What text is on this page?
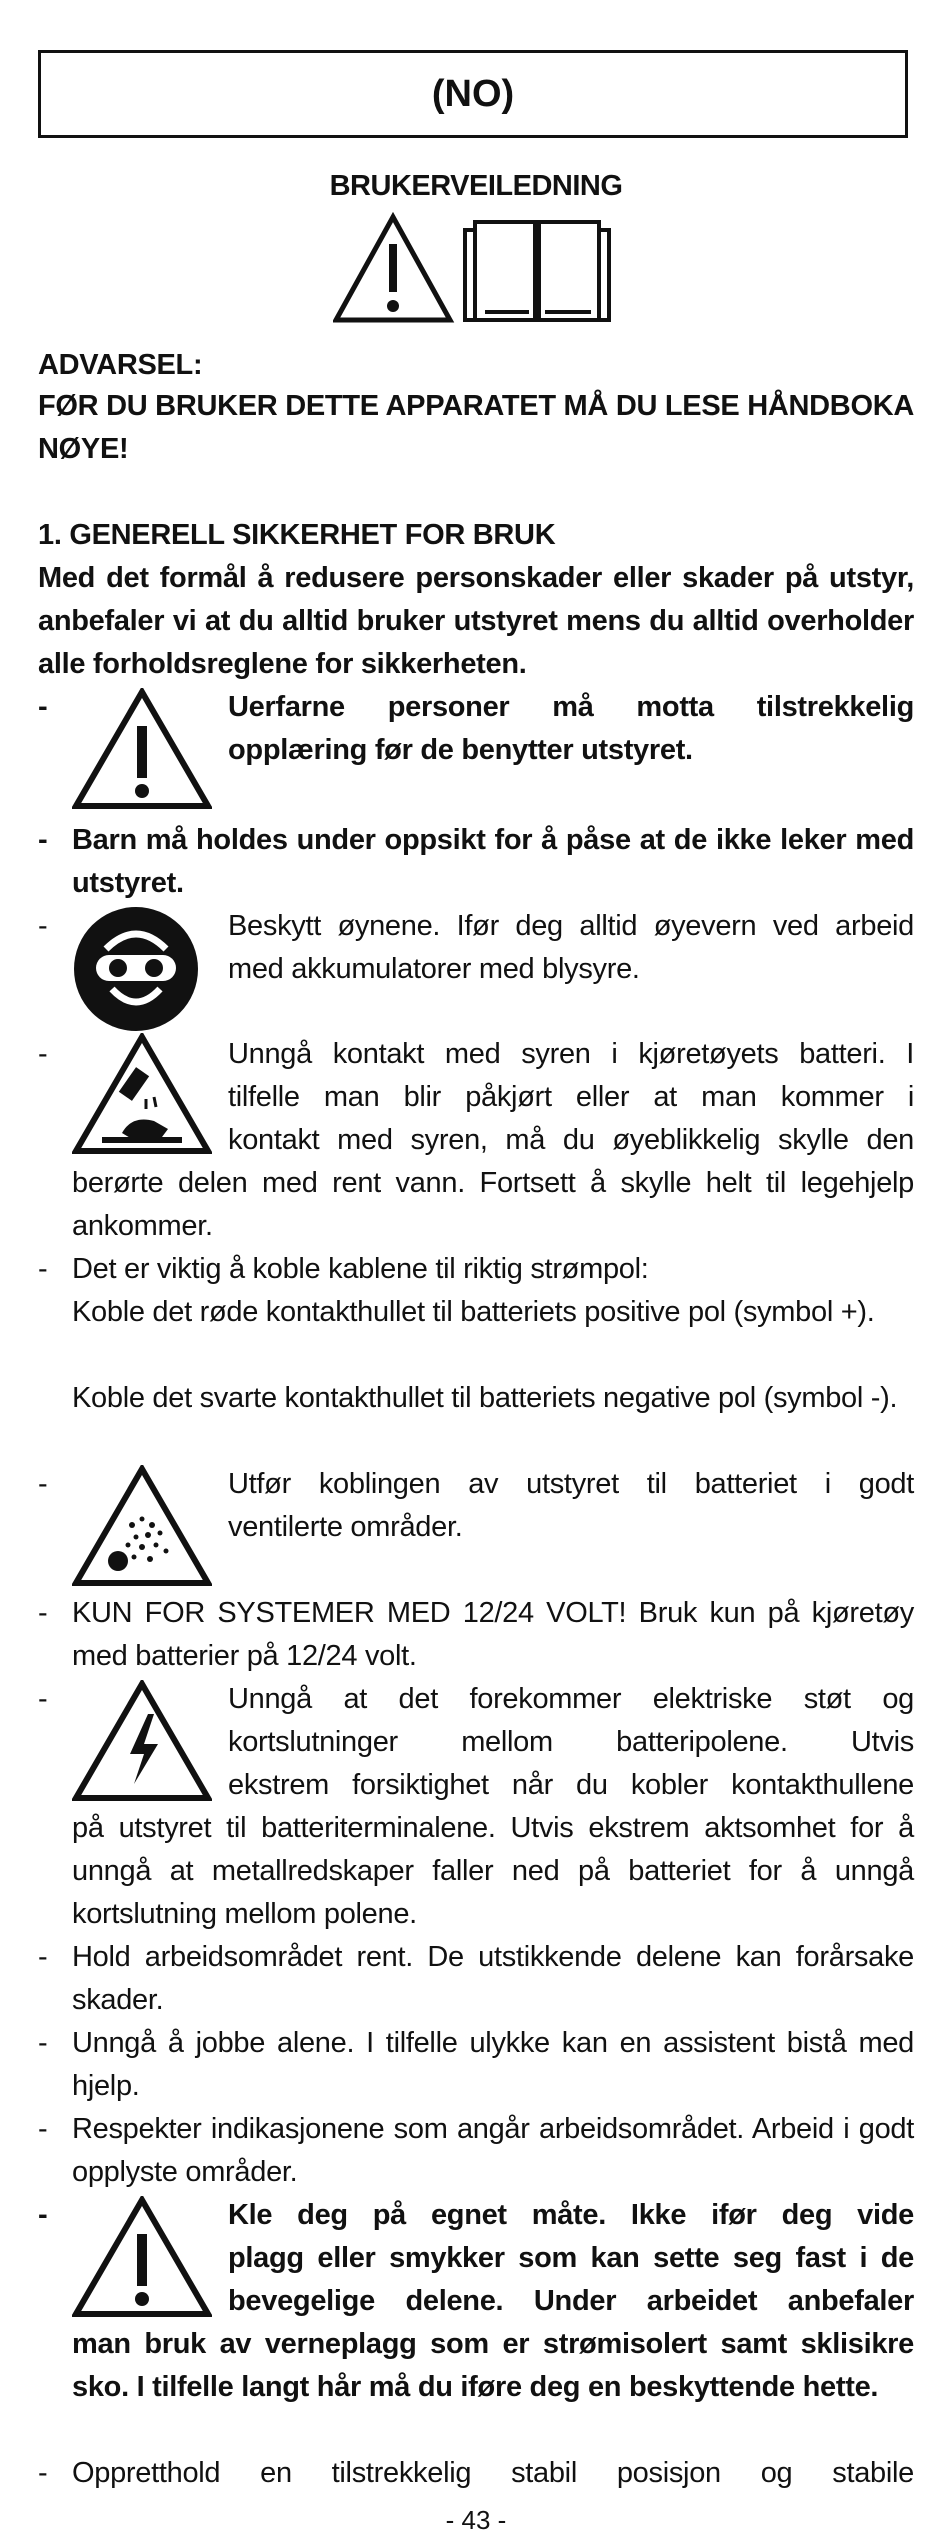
(NO)
BRUKERVEILEDNING
ADVARSEL:
FØR DU BRUKER DETTE APPARATET MÅ DU LESE HÅNDBOKA NØYE!
1. GENERELL SIKKERHET FOR BRUK
Med det formål å redusere personskader eller skader på utstyr, anbefaler vi at du alltid bruker utstyret mens du alltid overholder alle forholdsreglene for sikkerheten.
-	Uerfarne personer må motta tilstrekkelig
opplæring før de benytter utstyret.
- Barn må holdes under oppsikt for å påse at de ikke leker med utstyret.
-	Beskytt øynene. Ifør deg alltid øyevern ved arbeid
med akkumulatorer med blysyre.
-	Unngå kontakt med syren i kjøretøyets batteri. I
tilfelle man blir påkjørt eller at man kommer i
kontakt med syren, må du øyeblikkelig skylle den
berørte delen med rent vann. Fortsett å skylle helt til legehjelp ankommer.
- Det er viktig å koble kablene til riktig strømpol:
Koble det røde kontakthullet til batteriets positive pol (symbol +).
Koble det svarte kontakthullet til batteriets negative pol (symbol -).
-	Utfør koblingen av utstyret til batteriet i godt
ventilerte områder.
- KUN FOR SYSTEMER MED 12/24 VOLT! Bruk kun på kjøretøy med batterier på 12/24 volt.
-	Unngå at det forekommer elektriske støt og
kortslutninger mellom batteripolene. Utvis
ekstrem forsiktighet når du kobler kontakthullene
på utstyret til batteriterminalene. Utvis ekstrem aktsomhet for å unngå at metallredskaper faller ned på batteriet for å unngå kortslutning mellom polene.
- Hold arbeidsområdet rent. De utstikkende delene kan forårsake skader.
- Unngå å jobbe alene. I tilfelle ulykke kan en assistent bistå med hjelp.
- Respekter indikasjonene som angår arbeidsområdet. Arbeid i godt opplyste områder.
-	Kle deg på egnet måte. Ikke ifør deg vide
plagg eller smykker som kan sette seg fast i de
bevegelige delene. Under arbeidet anbefaler
man bruk av verneplagg som er strømisolert samt sklisikre sko. I tilfelle langt hår må du iføre deg en beskyttende hette.
- Oppretthold en tilstrekkelig stabil posisjon og stabile
- 43 -
